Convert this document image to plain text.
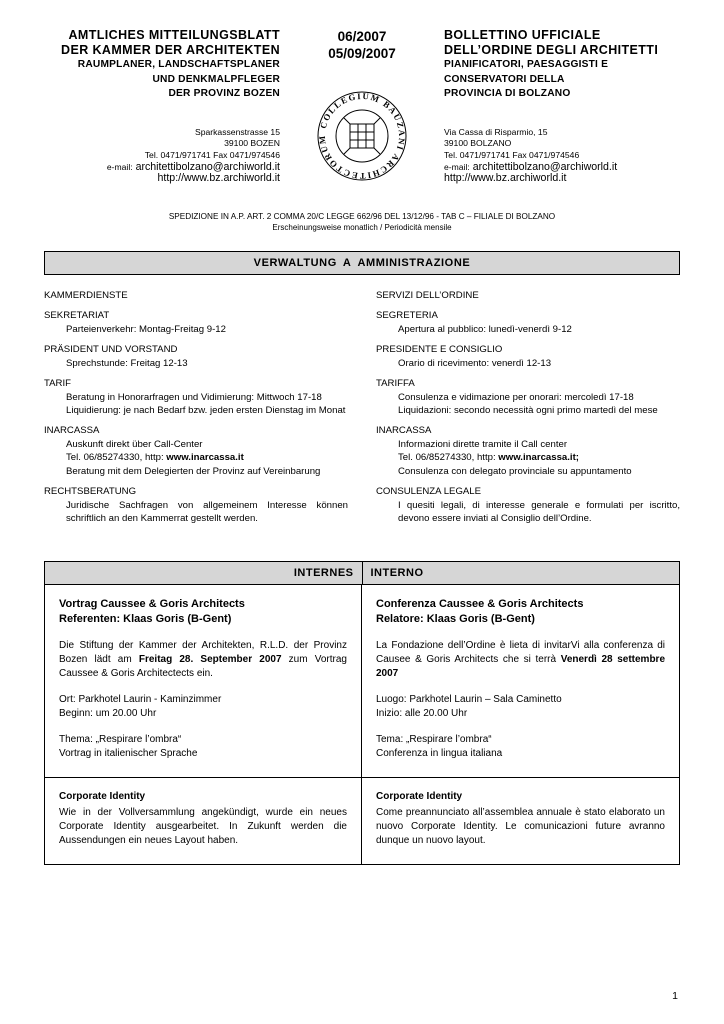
AMTLICHES MITTEILUNGSBLATT
DER KAMMER DER ARCHITEKTEN
RAUMPLANER, LANDSCHAFTSPLANER
UND DENKMALPFLEGER
DER PROVINZ BOZEN
Sparkassenstrasse 15
39100 BOZEN
Tel. 0471/971741 Fax 0471/974546
e-mail: architettibolzano@archiworld.it
http://www.bz.archiworld.it
06/2007
05/09/2007
COLLEGIUM BAUZANI ARCHITECTORUM
BOLLETTINO UFFICIALE
DELL’ORDINE DEGLI ARCHITETTI
PIANIFICATORI, PAESAGGISTI E
CONSERVATORI DELLA
PROVINCIA DI BOLZANO
Via Cassa di Risparmio, 15
39100 BOLZANO
Tel. 0471/971741 Fax 0471/974546
e-mail: architettibolzano@archiworld.it
http://www.bz.archiworld.it
SPEDIZIONE IN A.P. ART. 2 COMMA 20/C LEGGE 662/96 DEL 13/12/96 - TAB C – FILIALE DI BOLZANO
Erscheinungsweise monatlich / Periodicità mensile
VERWALTUNG A AMMINISTRAZIONE
KAMMERDIENSTE
SEKRETARIAT
Parteienverkehr: Montag-Freitag 9-12
PRÄSIDENT UND VORSTAND
Sprechstunde: Freitag 12-13
TARIF
Beratung in Honorarfragen und Vidimierung: Mittwoch 17-18
Liquidierung: je nach Bedarf bzw. jeden ersten Dienstag im Monat
INARCASSA
Auskunft direkt über Call-Center
Tel. 06/85274330, http: www.inarcassa.it
Beratung mit dem Delegierten der Provinz auf Vereinbarung
RECHTSBERATUNG
Juridische Sachfragen von allgemeinem Interesse können schriftlich an den Kammerrat gestellt werden.
SERVIZI DELL’ORDINE
SEGRETERIA
Apertura al pubblico: lunedì-venerdì 9-12
PRESIDENTE E CONSIGLIO
Orario di ricevimento: venerdì 12-13
TARIFFA
Consulenza e vidimazione per onorari: mercoledì 17-18
Liquidazioni: secondo necessità ogni primo martedì del mese
INARCASSA
Informazioni dirette tramite il Call center
Tel. 06/85274330, http: www.inarcassa.it;
Consulenza con delegato provinciale su appuntamento
CONSULENZA LEGALE
I quesiti legali, di interesse generale e formulati per iscritto, devono essere inviati al Consiglio dell’Ordine.
INTERNES	INTERNO
Vortrag Caussee & Goris Architects
Referenten: Klaas Goris (B-Gent)
Die Stiftung der Kammer der Architekten, R.L.D. der Provinz Bozen lädt am Freitag 28. September 2007 zum Vortrag Caussee & Goris Architectects ein.
Ort: Parkhotel Laurin - Kaminzimmer
Beginn: um 20.00 Uhr
Thema: „Respirare l’ombra“
Vortrag in italienischer Sprache
Conferenza Caussee & Goris Architects
Relatore: Klaas Goris (B-Gent)
La Fondazione dell’Ordine è lieta di invitarVi alla conferenza di Causee & Goris Architects che si terrà Venerdì 28 settembre 2007
Luogo: Parkhotel Laurin – Sala Caminetto
Inizio: alle 20.00 Uhr
Tema: „Respirare l’ombra“
Conferenza in lingua italiana
Corporate Identity
Wie in der Vollversammlung angekündigt, wurde ein neues Corporate Identity ausgearbeitet. In Zukunft werden die Aussendungen ein neues Layout haben.
Corporate Identity
Come preannunciato all’assemblea annuale è stato elaborato un nuovo Corporate Identity. Le comunicazioni future avranno dunque un nuovo layout.
1
